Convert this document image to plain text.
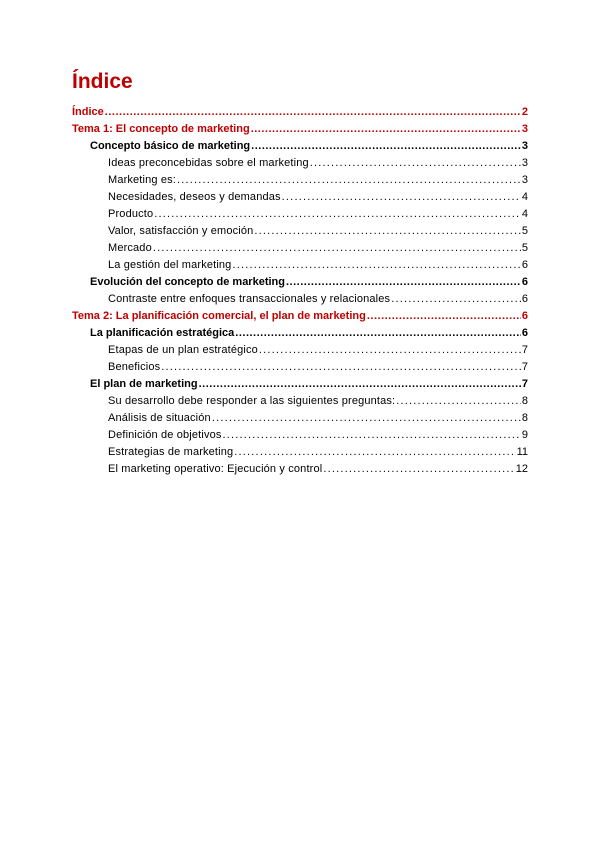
Índice
Índice .....	2
Tema 1: El concepto de marketing .....	3
Concepto básico de marketing .....	3
Ideas preconcebidas sobre el marketing .....	3
Marketing es: .....	3
Necesidades, deseos y demandas .....	4
Producto .....	4
Valor, satisfacción y emoción .....	5
Mercado .....	5
La gestión del marketing .....	6
Evolución del concepto de marketing .....	6
Contraste entre enfoques transaccionales y relacionales .....	6
Tema 2: La planificación comercial, el plan de marketing .....	6
La planificación estratégica .....	6
Etapas de un plan estratégico .....	7
Beneficios .....	7
El plan de marketing .....	7
Su desarrollo debe responder a las siguientes preguntas: .....	8
Análisis de situación .....	8
Definición de objetivos .....	9
Estrategias de marketing .....	11
El marketing operativo: Ejecución y control .....	12
